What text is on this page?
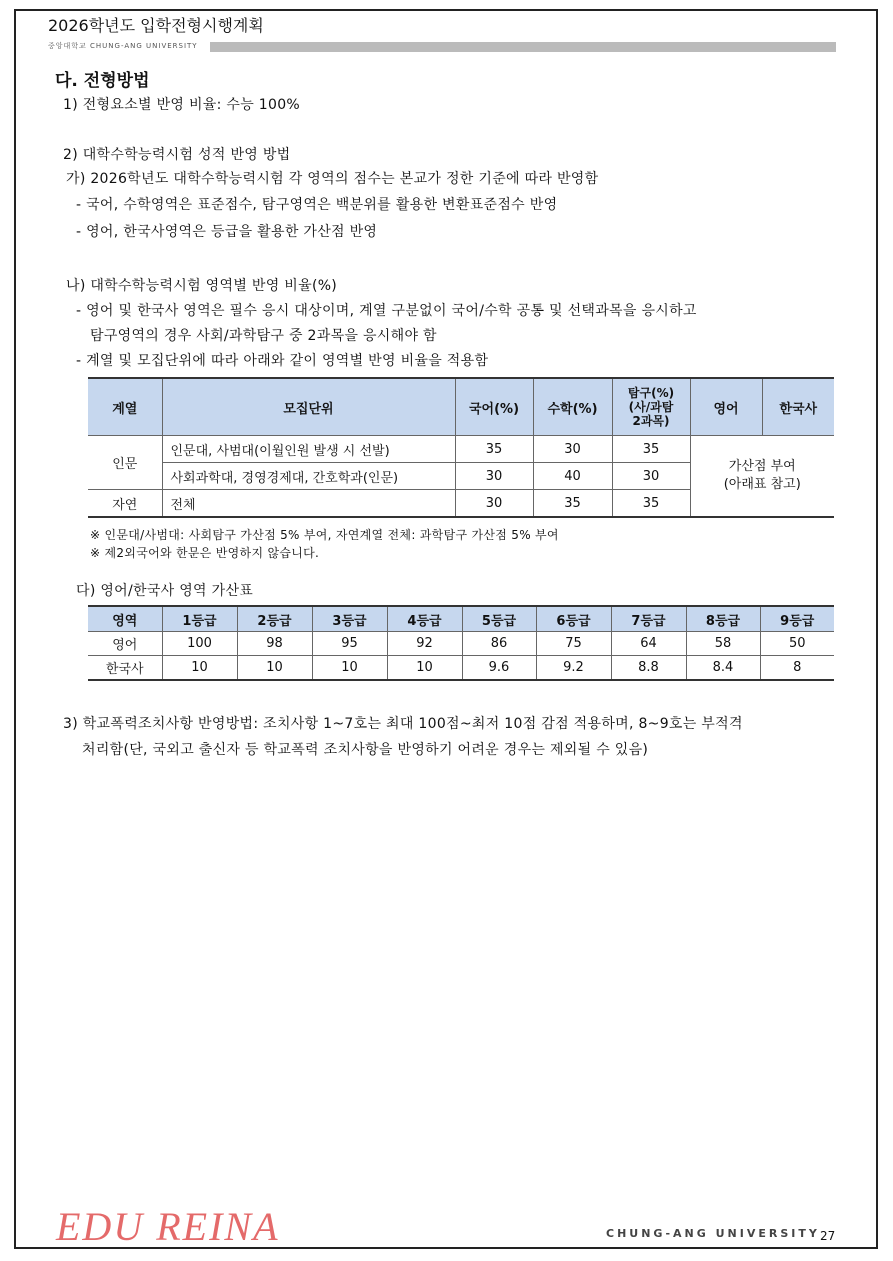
2026학년도 입학전형시행계획
중앙대학교 CHUNG-ANG UNIVERSITY
다. 전형방법
1) 전형요소별 반영 비율: 수능 100%
2) 대학수학능력시험 성적 반영 방법
가) 2026학년도 대학수학능력시험 각 영역의 점수는 본교가 정한 기준에 따라 반영함
- 국어, 수학영역은 표준점수, 탐구영역은 백분위를 활용한 변환표준점수 반영
- 영어, 한국사영역은 등급을 활용한 가산점 반영
나) 대학수학능력시험 영역별 반영 비율(%)
- 영어 및 한국사 영역은 필수 응시 대상이며, 계열 구분없이 국어/수학 공통 및 선택과목을 응시하고
탐구영역의 경우 사회/과학탐구 중 2과목을 응시해야 함
- 계열 및 모집단위에 따라 아래와 같이 영역별 반영 비율을 적용함
계열	모집단위	국어(%)	수학(%)	탐구(%)
(사/과탐
2과목)	영어	한국사
인문	인문대, 사범대(이월인원 발생 시 선발)	35	30	35	가산점 부여
(아래표 참고)	

	사회과학대, 경영경제대, 간호학과(인문)	30	40	30		
자연	전체	30	35	35		
※ 인문대/사범대: 사회탐구 가산점 5% 부여, 자연계열 전체: 과학탐구 가산점 5% 부여
※ 제2외국어와 한문은 반영하지 않습니다.
다) 영어/한국사 영역 가산표
영역	1등급	2등급	3등급	4등급	5등급	6등급	7등급	8등급	9등급
영어	100	98	95	92	86	75	64	58	50
한국사	10	10	10	10	9.6	9.2	8.8	8.4	8
3) 학교폭력조치사항 반영방법: 조치사항 1~7호는 최대 100점~최저 10점 감점 적용하며, 8~9호는 부적격
처리함(단, 국외고 출신자 등 학교폭력 조치사항을 반영하기 어려운 경우는 제외될 수 있음)
EDU REINA	CHUNG-ANG UNIVERSITY 27
